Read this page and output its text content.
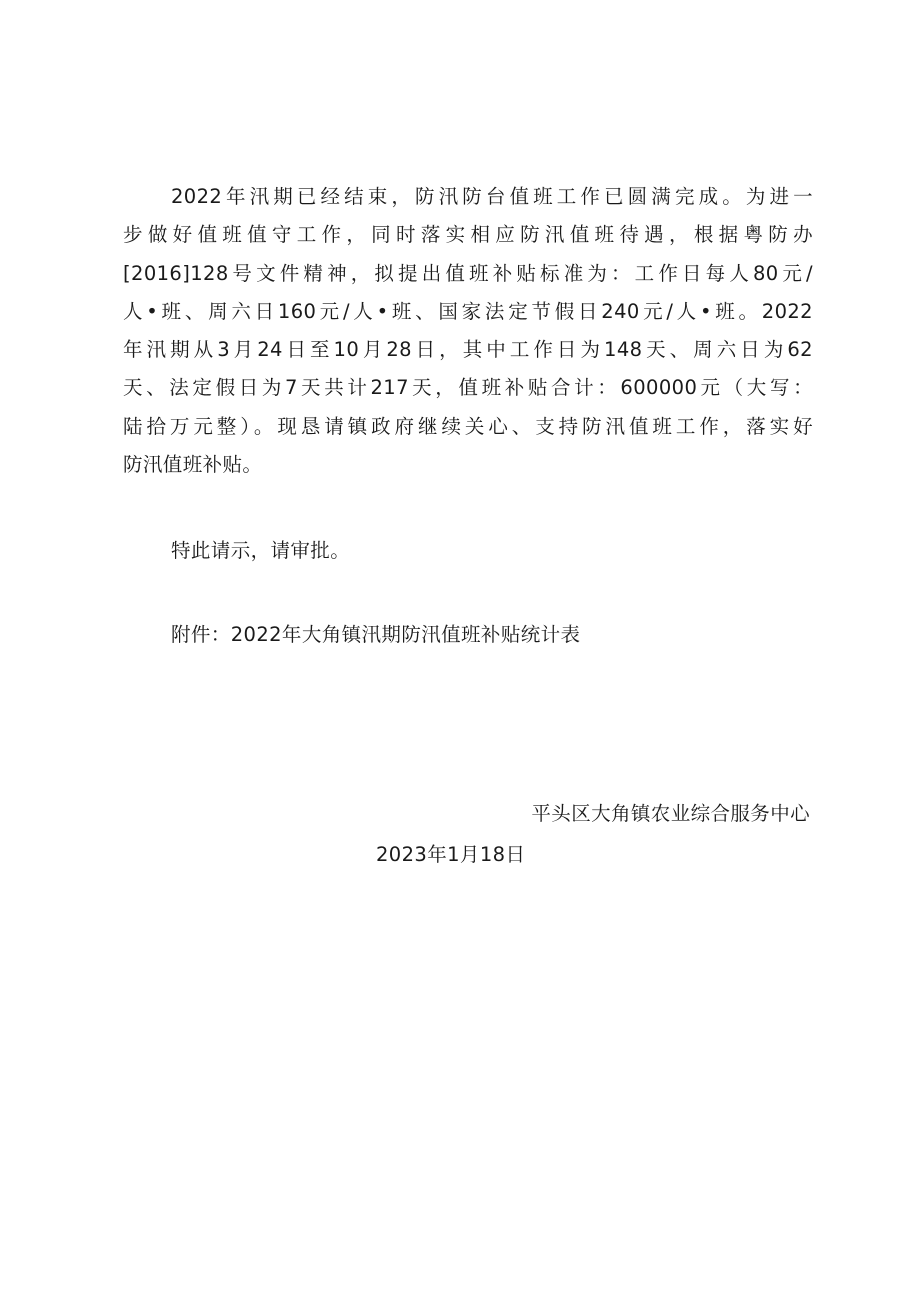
2022年汛期已经结束，防汛防台值班工作已圆满完成。为进一
步做好值班值守工作，同时落实相应防汛值班待遇，根据粤防办
[2016]128号文件精神，拟提出值班补贴标准为：工作日每人80元/
人•班、周六日160元/人•班、国家法定节假日240元/人•班。2022
年汛期从3月24日至10月28日，其中工作日为148天、周六日为62
天、法定假日为7天共计217天，值班补贴合计：600000元（大写：
陆拾万元整）。现恳请镇政府继续关心、支持防汛值班工作，落实好
防汛值班补贴。
特此请示，请审批。
附件：2022年大角镇汛期防汛值班补贴统计表
平头区大角镇农业综合服务中心
2023年1月18日
